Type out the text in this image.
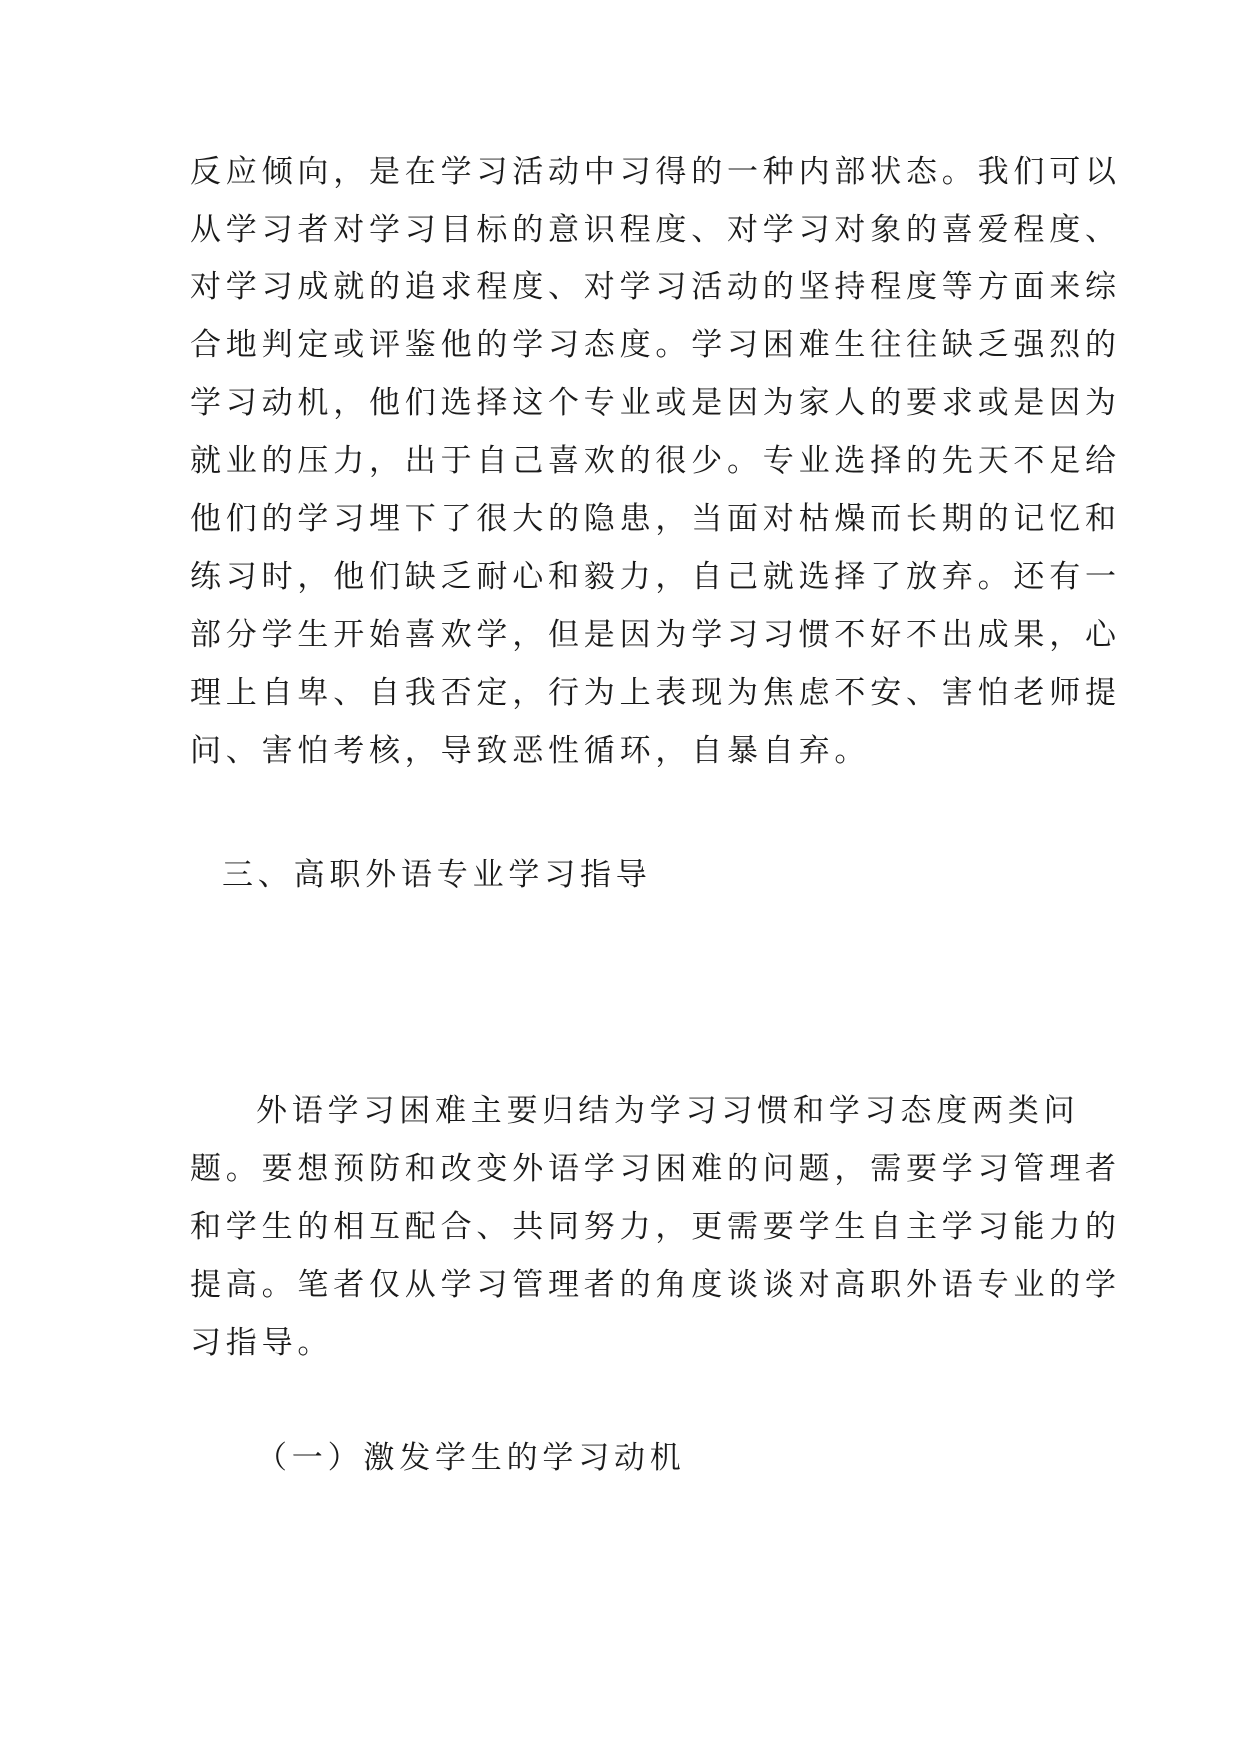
反应倾向，是在学习活动中习得的一种内部状态。我们可以

从学习者对学习目标的意识程度、对学习对象的喜爱程度、

对学习成就的追求程度、对学习活动的坚持程度等方面来综

合地判定或评鉴他的学习态度。学习困难生往往缺乏强烈的

学习动机，他们选择这个专业或是因为家人的要求或是因为

就业的压力，出于自己喜欢的很少。专业选择的先天不足给

他们的学习埋下了很大的隐患，当面对枯燥而长期的记忆和

练习时，他们缺乏耐心和毅力，自己就选择了放弃。还有一

部分学生开始喜欢学，但是因为学习习惯不好不出成果，心

理上自卑、自我否定，行为上表现为焦虑不安、害怕老师提

问、害怕考核，导致恶性循环，自暴自弃。

三、高职外语专业学习指导

外语学习困难主要归结为学习习惯和学习态度两类问

题。要想预防和改变外语学习困难的问题，需要学习管理者

和学生的相互配合、共同努力，更需要学生自主学习能力的

提高。笔者仅从学习管理者的角度谈谈对高职外语专业的学

习指导。

（一）激发学生的学习动机
